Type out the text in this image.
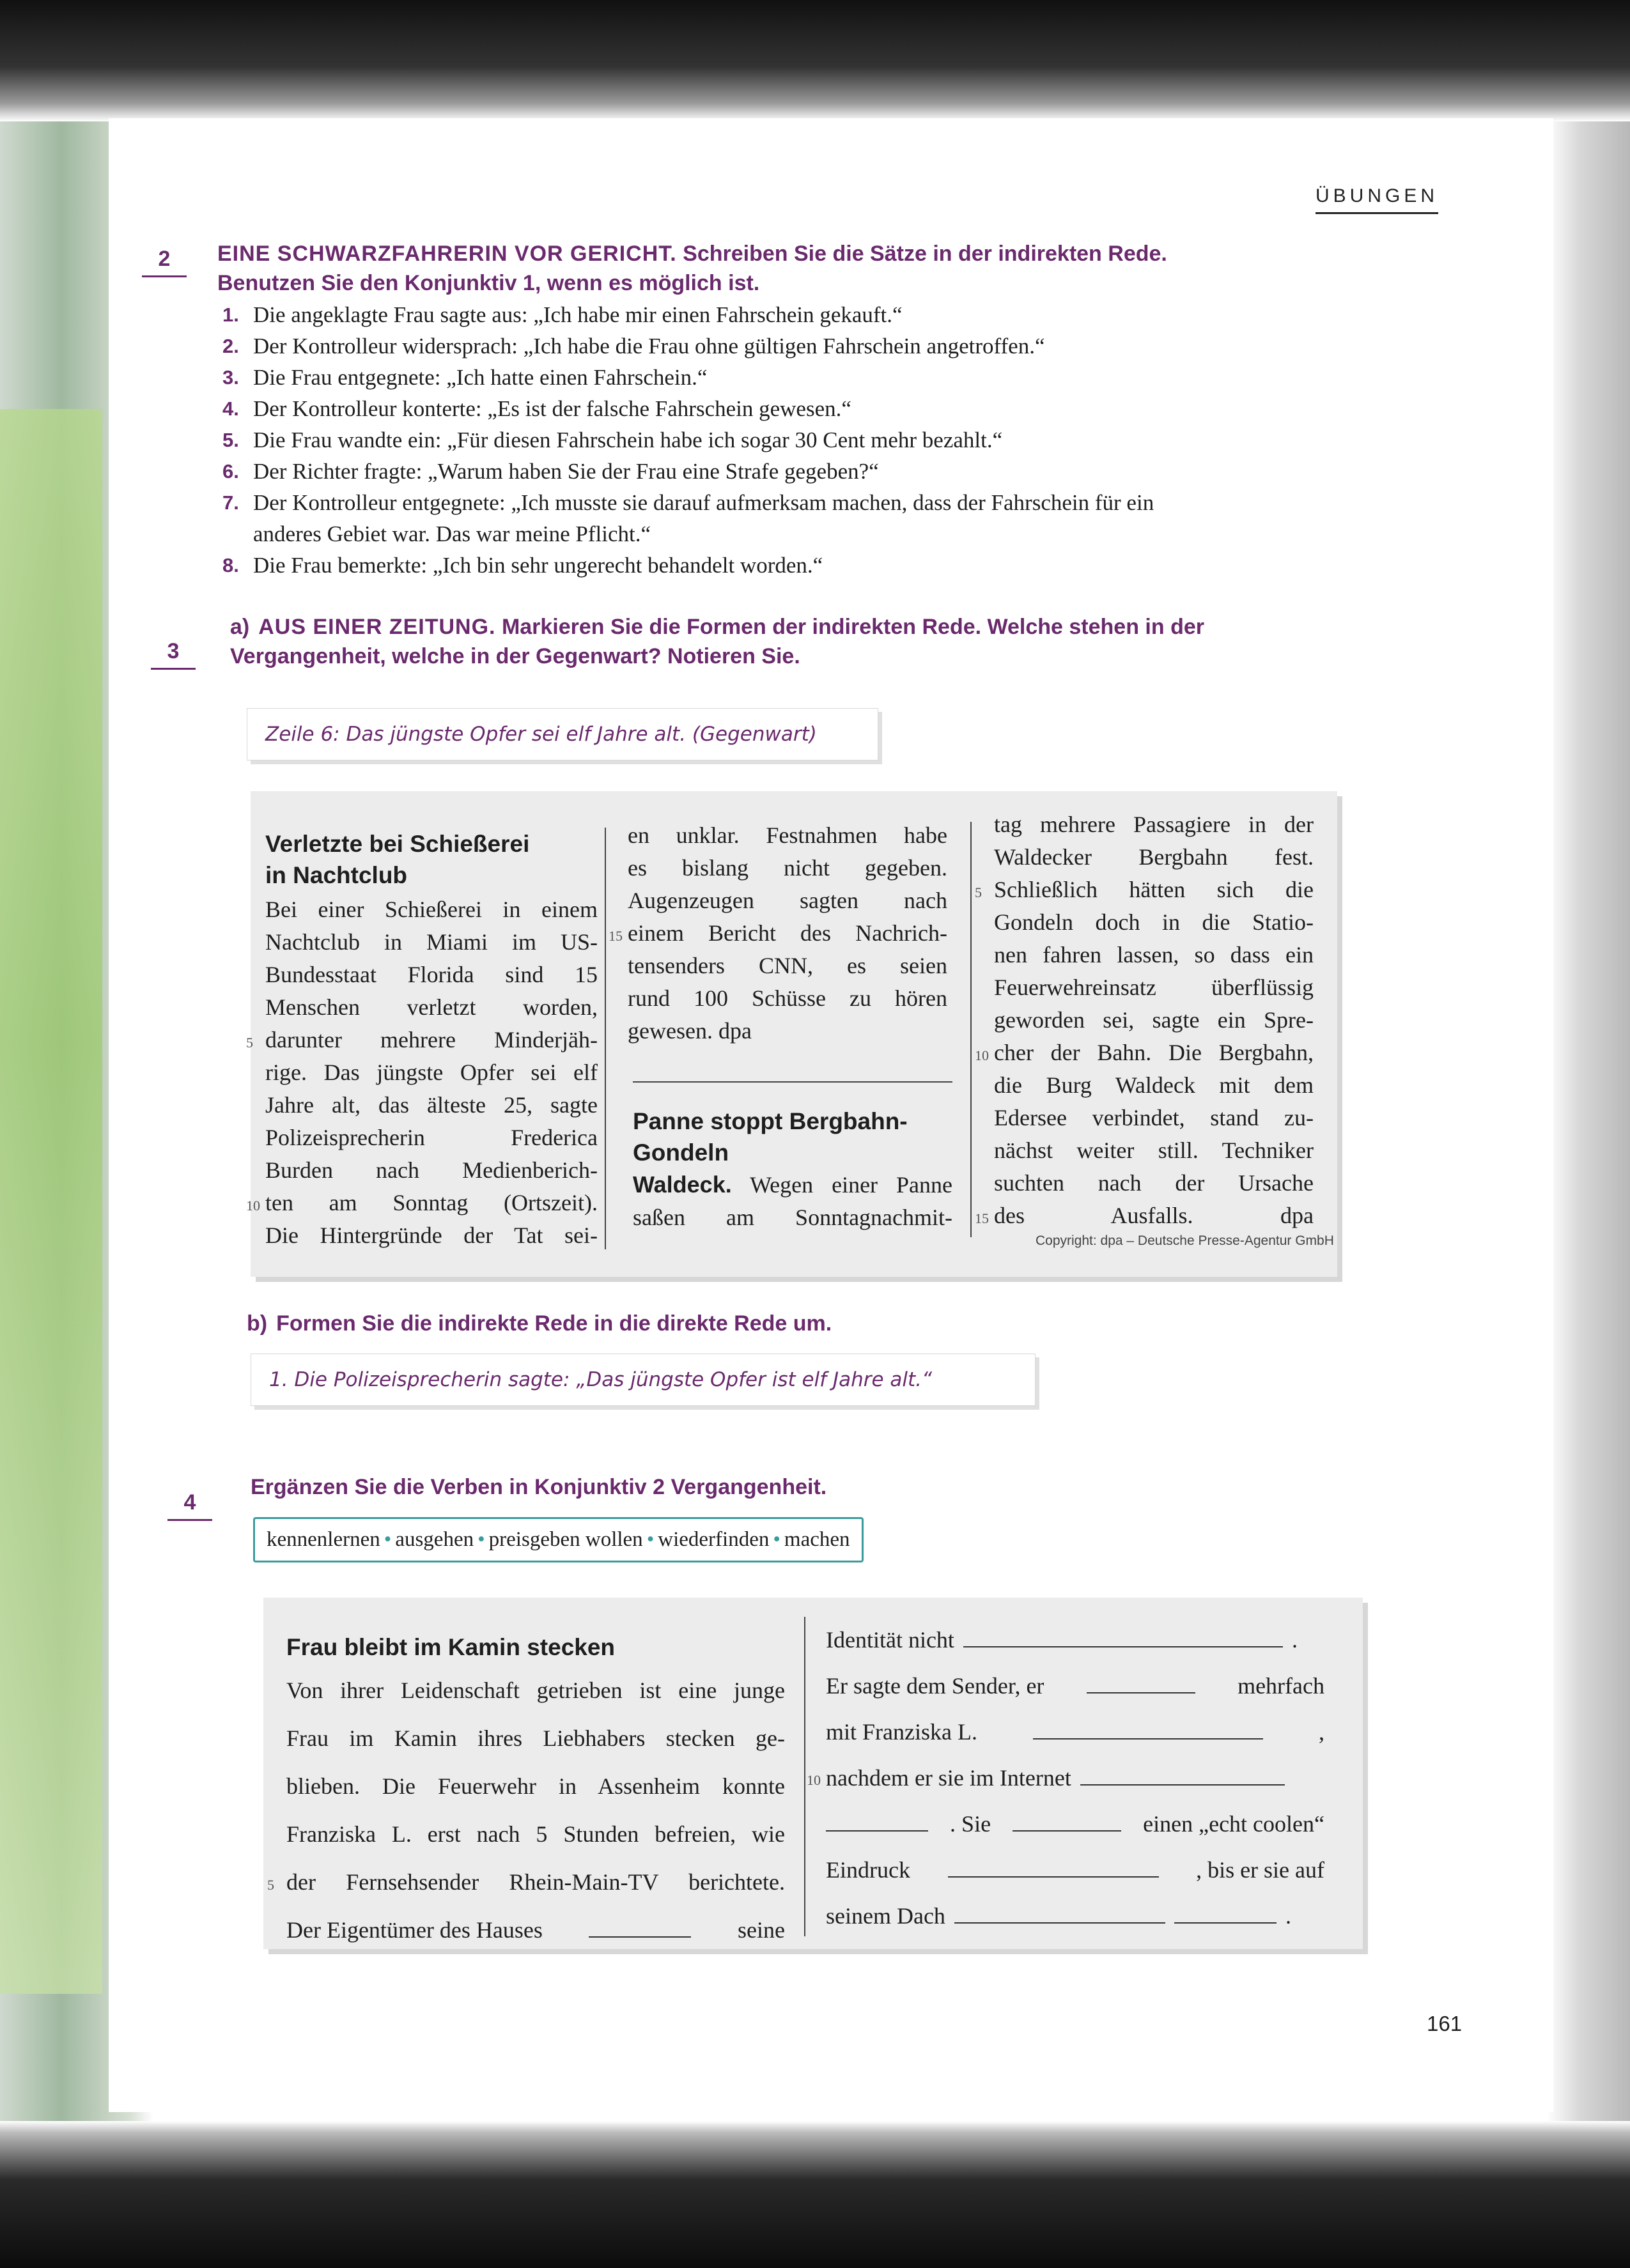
ÜBUNGEN
2	EINE SCHWARZFAHRERIN VOR GERICHT. Schreiben Sie die Sätze in der indirekten Rede.
Benutzen Sie den Konjunktiv 1, wenn es möglich ist.
1. Die angeklagte Frau sagte aus: „Ich habe mir einen Fahrschein gekauft.“
2. Der Kontrolleur widersprach: „Ich habe die Frau ohne gültigen Fahrschein angetroffen.“
3. Die Frau entgegnete: „Ich hatte einen Fahrschein.“
4. Der Kontrolleur konterte: „Es ist der falsche Fahrschein gewesen.“
5. Die Frau wandte ein: „Für diesen Fahrschein habe ich sogar 30 Cent mehr bezahlt.“
6. Der Richter fragte: „Warum haben Sie der Frau eine Strafe gegeben?“
7. Der Kontrolleur entgegnete: „Ich musste sie darauf aufmerksam machen, dass der Fahrschein für ein
anderes Gebiet war. Das war meine Pflicht.“
8. Die Frau bemerkte: „Ich bin sehr ungerecht behandelt worden.“
3
a) AUS EINER ZEITUNG. Markieren Sie die Formen der indirekten Rede. Welche stehen in der
Vergangenheit, welche in der Gegenwart? Notieren Sie.
Zeile 6: Das jüngste Opfer sei elf Jahre alt. (Gegenwart)
Verletzte bei Schießerei
in Nachtclub
Bei einer Schießerei in einem
Nachtclub in Miami im US-
Bundesstaat Florida sind 15
Menschen verletzt worden,
5 darunter mehrere Minderjäh-
rige. Das jüngste Opfer sei elf
Jahre alt, das älteste 25, sagte
Polizeisprecherin Frederica
Burden nach Medienberich-
10 ten am Sonntag (Ortszeit).
Die Hintergründe der Tat sei-
en unklar. Festnahmen habe
es bislang nicht gegeben.
Augenzeugen sagten nach
15 einem Bericht des Nachrich-
tensenders CNN, es seien
rund 100 Schüsse zu hören
gewesen. dpa
Panne stoppt Bergbahn-
Gondeln
Waldeck. Wegen einer Panne
saßen am Sonntagnachmit-
tag mehrere Passagiere in der
Waldecker Bergbahn fest.
5 Schließlich hätten sich die
Gondeln doch in die Statio-
nen fahren lassen, so dass ein
Feuerwehreinsatz überflüssig
geworden sei, sagte ein Spre-
10 cher der Bahn. Die Bergbahn,
die Burg Waldeck mit dem
Edersee verbindet, stand zu-
nächst weiter still. Techniker
suchten nach der Ursache
15 des Ausfalls. dpa
Copyright: dpa – Deutsche Presse-Agentur GmbH
b) Formen Sie die indirekte Rede in die direkte Rede um.
1. Die Polizeisprecherin sagte: „Das jüngste Opfer ist elf Jahre alt.“
4
Ergänzen Sie die Verben in Konjunktiv 2 Vergangenheit.
kennenlernen • ausgehen • preisgeben wollen • wiederfinden • machen
Frau bleibt im Kamin stecken
Von ihrer Leidenschaft getrieben ist eine junge
Frau im Kamin ihres Liebhabers stecken ge-
blieben. Die Feuerwehr in Assenheim konnte
Franziska L. erst nach 5 Stunden befreien, wie
5 der Fernsehsender Rhein-Main-TV berichtete.
Der Eigentümer des Hauses	seine
Identität nicht	.
Er sagte dem Sender, er	mehrfach
mit Franziska L.	,
10 nachdem er sie im Internet
. Sie	einen „echt coolen“
Eindruck	, bis er sie auf
seinem Dach	.
161
